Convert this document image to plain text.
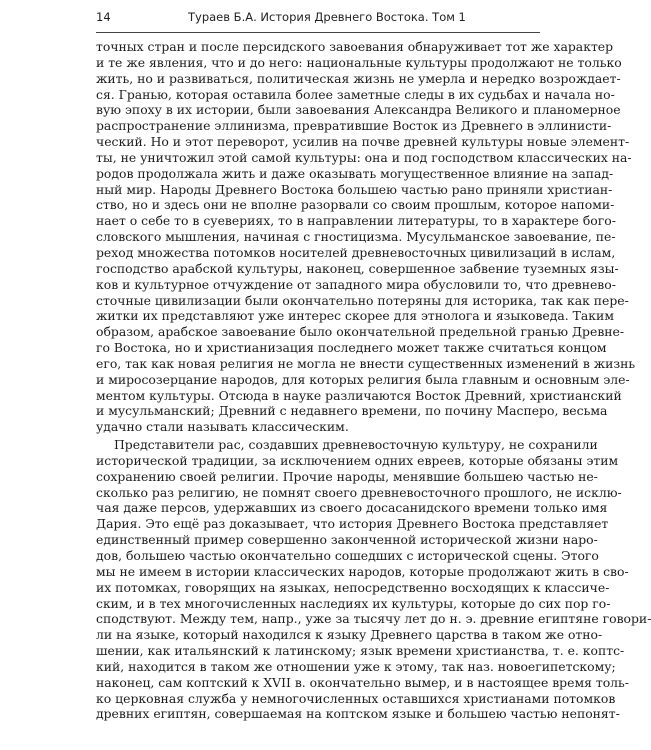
14	Тураев Б.А. История Древнего Востока. Том 1
точных стран и после персидского завоевания обнаруживает тот же характер
и те же явления, что и до него: национальные культуры продолжают не только
жить, но и развиваться, политическая жизнь не умерла и нередко возрождает-
ся. Гранью, которая оставила более заметные следы в их судьбах и начала но-
вую эпоху в их истории, были завоевания Александра Великого и планомерное
распространение эллинизма, превратившие Восток из Древнего в эллинисти-
ческий. Но и этот переворот, усилив на почве древней культуры новые элемент-
ты, не уничтожил этой самой культуры: она и под господством классических на-
родов продолжала жить и даже оказывать могущественное влияние на запад-
ный мир. Народы Древнего Востока большею частью рано приняли христиан-
ство, но и здесь они не вполне разорвали со своим прошлым, которое напоми-
нает о себе то в суевериях, то в направлении литературы, то в характере бого-
словского мышления, начиная с гностицизма. Мусульманское завоевание, пе-
реход множества потомков носителей древневосточных цивилизаций в ислам,
господство арабской культуры, наконец, совершенное забвение туземных язы-
ков и культурное отчуждение от западного мира обусловили то, что древнево-
сточные цивилизации были окончательно потеряны для историка, так как пере-
житки их представляют уже интерес скорее для этнолога и языковеда. Таким
образом, арабское завоевание было окончательной предельной гранью Древне-
го Востока, но и христианизация последнего может также считаться концом
его, так как новая религия не могла не внести существенных изменений в жизнь
и миросозерцание народов, для которых религия была главным и основным эле-
ментом культуры. Отсюда в науке различаются Восток Древний, христианский
и мусульманский; Древний с недавнего времени, по почину Масперо, весьма
удачно стали называть классическим.
Представители рас, создавших древневосточную культуру, не сохранили
исторической традиции, за исключением одних евреев, которые обязаны этим
сохранению своей религии. Прочие народы, менявшие большею частью не-
сколько раз религию, не помнят своего древневосточного прошлого, не исклю-
чая даже персов, удержавших из своего досасанидского времени только имя
Дария. Это ещё раз доказывает, что история Древнего Востока представляет
единственный пример совершенно законченной исторической жизни наро-
дов, большею частью окончательно сошедших с исторической сцены. Этого
мы не имеем в истории классических народов, которые продолжают жить в сво-
их потомках, говорящих на языках, непосредственно восходящих к классиче-
ским, и в тех многочисленных наследиях их культуры, которые до сих пор го-
сподствуют. Между тем, напр., уже за тысячу лет до н. э. древние египтяне говори-
ли на языке, который находился к языку Древнего царства в таком же отно-
шении, как итальянский к латинскому; язык времени христианства, т. е. коптс-
кий, находится в таком же отношении уже к этому, так наз. новоегипетскому;
наконец, сам коптский к XVII в. окончательно вымер, и в настоящее время толь-
ко церковная служба у немногочисленных оставшихся христианами потомков
древних египтян, совершаемая на коптском языке и большею частью непонят-
